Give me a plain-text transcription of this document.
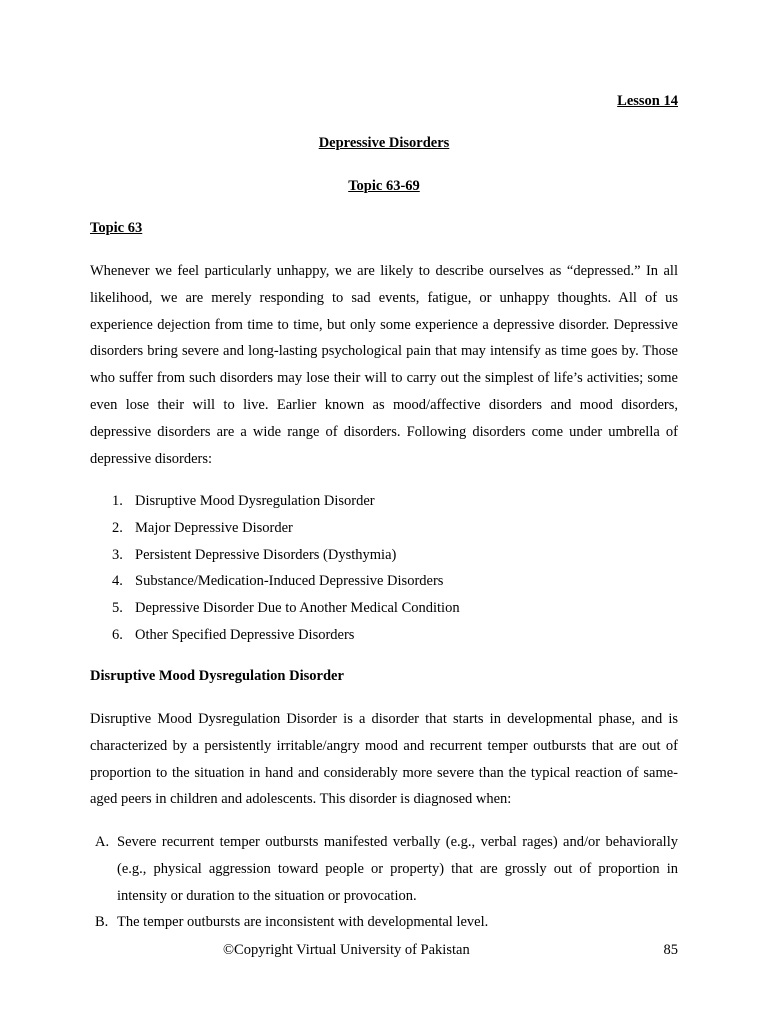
Lesson 14
Depressive Disorders
Topic 63-69
Topic 63

Whenever we feel particularly unhappy, we are likely to describe ourselves as “depressed.” In all likelihood, we are merely responding to sad events, fatigue, or unhappy thoughts. All of us experience dejection from time to time, but only some experience a depressive disorder. Depressive disorders bring severe and long-lasting psychological pain that may intensify as time goes by. Those who suffer from such disorders may lose their will to carry out the simplest of life’s activities; some even lose their will to live. Earlier known as mood/affective disorders and mood disorders, depressive disorders are a wide range of disorders. Following disorders come under umbrella of depressive disorders:

1. Disruptive Mood Dysregulation Disorder
2. Major Depressive Disorder
3. Persistent Depressive Disorders (Dysthymia)
4. Substance/Medication-Induced Depressive Disorders
5. Depressive Disorder Due to Another Medical Condition
6. Other Specified Depressive Disorders
Disruptive Mood Dysregulation Disorder

Disruptive Mood Dysregulation Disorder is a disorder that starts in developmental phase, and is characterized by a persistently irritable/angry mood and recurrent temper outbursts that are out of proportion to the situation in hand and considerably more severe than the typical reaction of same-aged peers in children and adolescents. This disorder is diagnosed when:

A. Severe recurrent temper outbursts manifested verbally (e.g., verbal rages) and/or behaviorally (e.g., physical aggression toward people or property) that are grossly out of proportion in intensity or duration to the situation or provocation.
B. The temper outbursts are inconsistent with developmental level.
©Copyright Virtual University of Pakistan	85
